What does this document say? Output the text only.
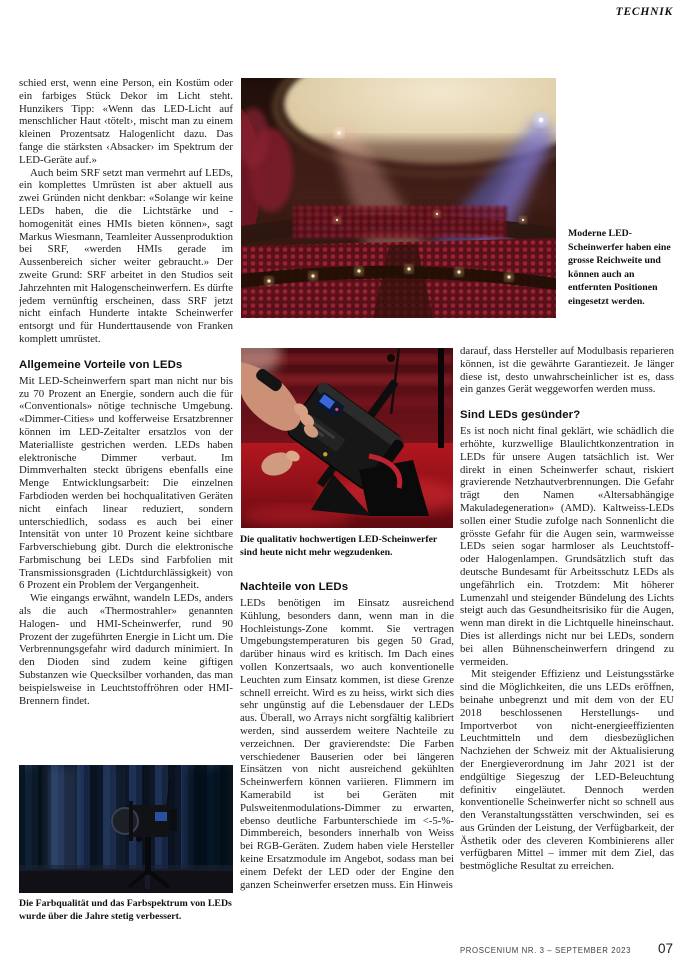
TECHNIK

schied erst, wenn eine Person, ein Kostüm oder ein farbiges Stück Dekor im Licht steht. Hunzikers Tipp: «Wenn das LED-Licht auf menschlicher Haut ‹tötelt›, mischt man zu einem kleinen Prozentsatz Halogenlicht dazu. Das fange die stärksten ‹Absacker› im Spektrum der LED-Geräte auf.»

Auch beim SRF setzt man vermehrt auf LEDs, ein komplettes Umrüsten ist aber aktuell aus zwei Gründen nicht denkbar: «Solange wir keine LEDs haben, die die Lichtstärke und -homogenität eines HMIs bieten können», sagt Markus Wiesmann, Teamleiter Aussenproduktion bei SRF, «werden HMIs gerade im Aussenbereich sicher weiter gebraucht.» Der zweite Grund: SRF arbeitet in den Studios seit Jahrzehnten mit Halogenscheinwerfern. Es dürfte jedem vernünftig erscheinen, dass SRF jetzt nicht einfach Hunderte intakte Scheinwerfer entsorgt und für Hunderttausende von Franken komplett umrüstet.

Allgemeine Vorteile von LEDs

Mit LED-Scheinwerfern spart man nicht nur bis zu 70 Prozent an Energie, sondern auch die für «Conventionals» nötige technische Umgebung. «Dimmer-Cities» und kofferweise Ersatzbrenner können im LED-Zeitalter ersatzlos von der Materialliste gestrichen werden. LEDs haben elektronische Dimmer verbaut. Im Dimmverhalten steckt übrigens ebenfalls eine Menge Entwicklungsarbeit: Die einzelnen Farbdioden werden bei hochqualitativen Geräten nicht einfach linear reduziert, sondern unterschiedlich, sodass es auch bei einer Intensität von unter 10 Prozent keine sichtbare Farbverschiebung gibt. Durch die elektronische Farbmischung bei LEDs sind Farbfolien mit Transmissionsgraden (Lichtdurchlässigkeit) von 6 Prozent ein Problem der Vergangenheit.

Wie eingangs erwähnt, wandeln LEDs, anders als die auch «Thermostrahler» genannten Halogen- und HMI-Scheinwerfer, rund 90 Prozent der zugeführten Energie in Licht um. Die Verbrennungsgefahr wird dadurch minimiert. In den Dioden sind zudem keine giftigen Substanzen wie Quecksilber vorhanden, das man beispielsweise in Leuchtstoffröhren oder HMI-Brennern findet.

Moderne LED-Scheinwerfer haben eine grosse Reichweite und können auch an entfernten Positionen eingesetzt werden.
Die qualitativ hochwertigen LED-Scheinwerfer sind heute nicht mehr wegzudenken.
Nachteile von LEDs

LEDs benötigen im Einsatz ausreichend Kühlung, besonders dann, wenn man in die Hochleistungs-Zone kommt. Sie vertragen Umgebungstemperaturen bis gegen 50 Grad, darüber hinaus wird es kritisch. Im Dach eines vollen Konzertsaals, wo auch konventionelle Leuchten zum Einsatz kommen, ist diese Grenze schnell erreicht. Wird es zu heiss, wirkt sich dies sehr ungünstig auf die Lebensdauer der LEDs aus. Überall, wo Arrays nicht sorgfältig kalibriert werden, sind ausserdem weitere Nachteile zu verzeichnen. Der gravierendste: Die Farben verschiedener Bauserien oder bei längeren Einsätzen von nicht ausreichend gekühlten Scheinwerfern können variieren. Flimmern im Kamerabild ist bei Geräten mit Pulsweitenmodulations-Dimmer zu erwarten, ebenso deutliche Farbunterschiede im <-5-%-Dimmbereich, besonders innerhalb von Weiss bei RGB-Geräten. Zudem haben viele Hersteller keine Ersatzmodule im Angebot, sodass man bei einem Defekt der LED oder der Engine den ganzen Scheinwerfer ersetzen muss. Ein Hinweis

darauf, dass Hersteller auf Modulbasis reparieren können, ist die gewährte Garantiezeit. Je länger diese ist, desto unwahrscheinlicher ist es, dass ein ganzes Gerät weggeworfen werden muss.

Sind LEDs gesünder?

Es ist noch nicht final geklärt, wie schädlich die erhöhte, kurzwellige Blaulichtkonzentration in LEDs für unsere Augen tatsächlich ist. Wer direkt in einen Scheinwerfer schaut, riskiert gravierende Netzhautverbrennungen. Die Gefahr trägt den Namen «Altersabhängige Makuladegeneration» (AMD). Kaltweiss-LEDs sollen einer Studie zufolge nach Sonnenlicht die grösste Gefahr für die Augen sein, warmweisse LEDs seien sogar harmloser als Leuchtstoff- oder Halogenlampen. Grundsätzlich stuft das deutsche Bundesamt für Arbeitsschutz LEDs als ungefährlich ein. Trotzdem: Mit höherer Lumenzahl und steigender Bündelung des Lichts steigt auch das Gesundheitsrisiko für die Augen, wenn man direkt in die Lichtquelle hineinschaut. Dies ist allerdings nicht nur bei LEDs, sondern bei allen Bühnenscheinwerfern dringend zu vermeiden.

Mit steigender Effizienz und Leistungsstärke sind die Möglichkeiten, die uns LEDs eröffnen, beinahe unbegrenzt und mit dem von der EU 2018 beschlossenen Herstellungs- und Importverbot von nicht-energieeffizienten Leuchtmitteln und dem diesbezüglichen Nachziehen der Schweiz mit der Aktualisierung der Energieverordnung im Jahr 2021 ist der endgültige Siegeszug der LED-Beleuchtung definitiv eingeläutet. Dennoch werden konventionelle Scheinwerfer nicht so schnell aus den Veranstaltungsstätten verschwinden, sei es aus Gründen der Leistung, der Verfügbarkeit, der Ästhetik oder des cleveren Kombinierens aller verfügbaren Mittel – immer mit dem Ziel, das bestmögliche Resultat zu erreichen.

Die Farbqualität und das Farbspektrum von LEDs wurde über die Jahre stetig verbessert.
PROSCENIUM NR. 3 – SEPTEMBER 2023 07
